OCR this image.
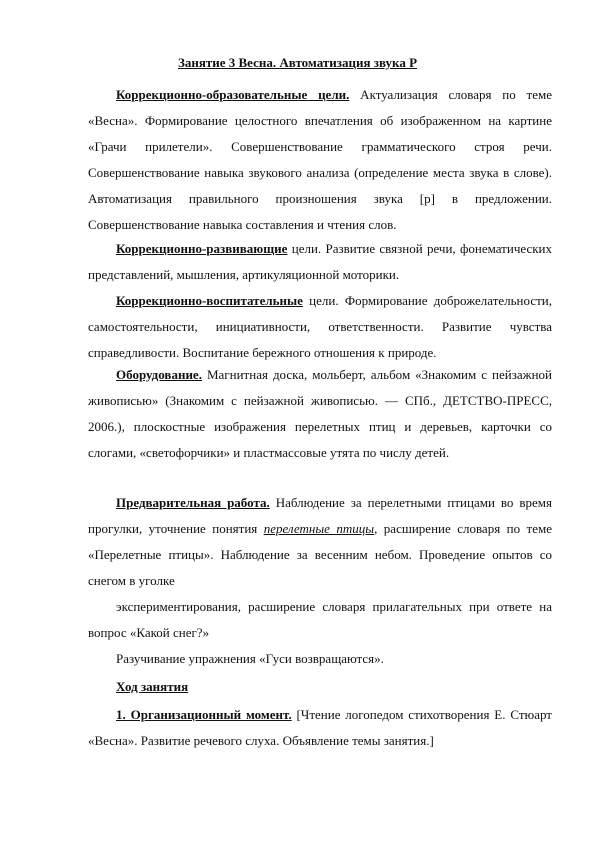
Занятие 3 Весна. Автоматизация звука Р
Коррекционно-образовательные цели. Актуализация словаря по теме «Весна». Формирование целостного впечатления об изображенном на картине «Грачи прилетели». Совершенствование грамматического строя речи. Совершенствование навыка звукового анализа (определение места звука в слове). Автоматизация правильного произношения звука [р] в предложении. Совершенствование навыка составления и чтения слов.
Коррекционно-развивающие цели. Развитие связной речи, фонематических представлений, мышления, артикуляционной моторики.
Коррекционно-воспитательные цели. Формирование доброжелательности, самостоятельности, инициативности, ответственности. Развитие чувства справедливости. Воспитание бережного отношения к природе.
Оборудование. Магнитная доска, мольберт, альбом «Знакомим с пейзажной живописью» (Знакомим с пейзажной живописью. — СПб., ДЕТСТВО-ПРЕСС, 2006.), плоскостные изображения перелетных птиц и деревьев, карточки со слогами, «светофорчики» и пластмассовые утята по числу детей.
Предварительная работа. Наблюдение за перелетными птицами во время прогулки, уточнение понятия перелетные птицы, расширение словаря по теме «Перелетные птицы». Наблюдение за весенним небом. Проведение опытов со снегом в уголке
экспериментирования, расширение словаря прилагательных при ответе на вопрос «Какой снег?»
Разучивание упражнения «Гуси возвращаются».
Ход занятия
1. Организационный момент. [Чтение логопедом стихотворения Е. Стюарт «Весна». Развитие речевого слуха. Объявление темы занятия.]
